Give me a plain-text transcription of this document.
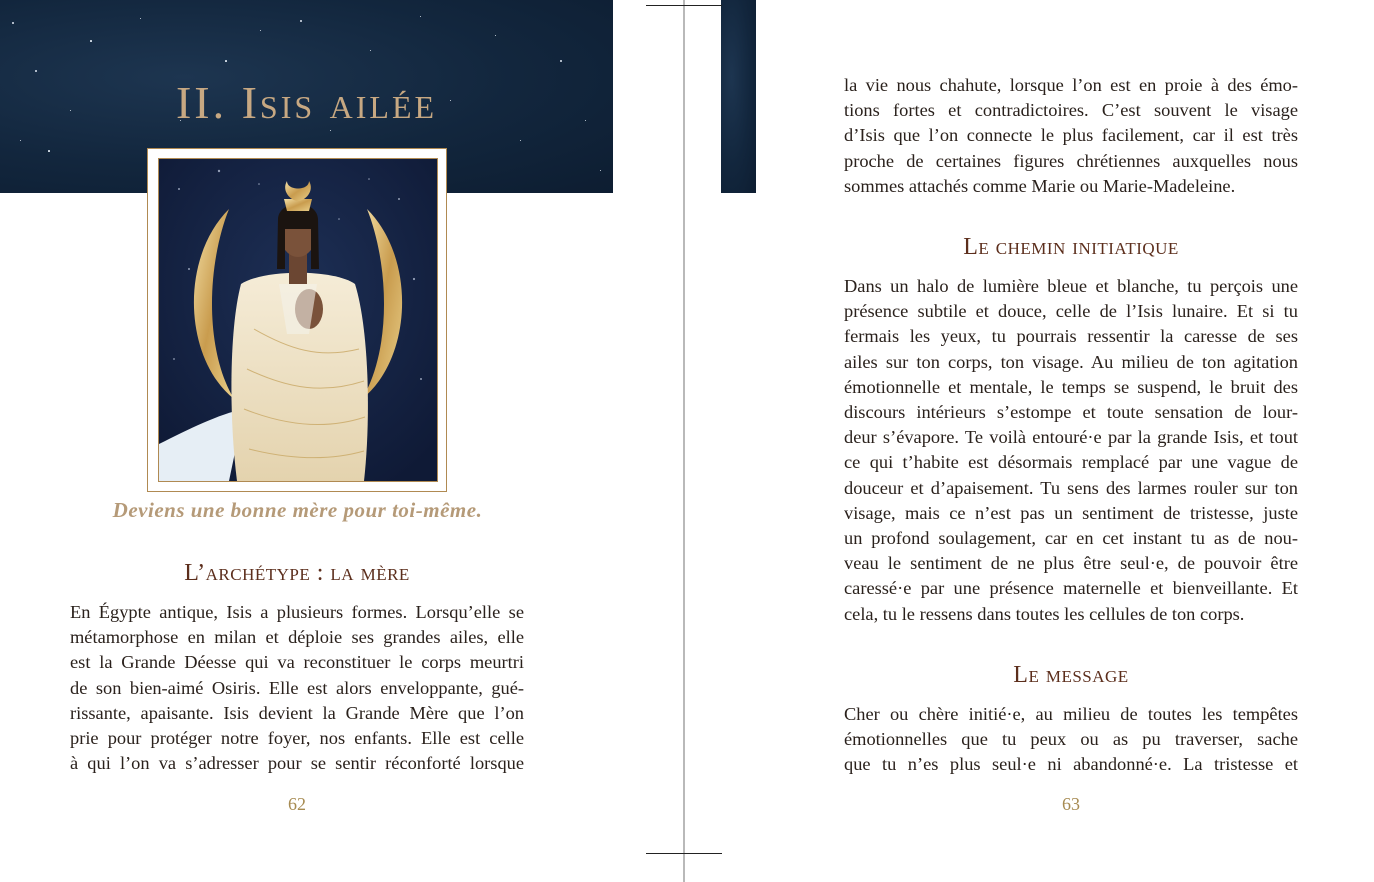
II. Isis ailée

Deviens une bonne mère pour toi-même.

L’archétype : la mère
En Égypte antique, Isis a plusieurs formes. Lorsqu’elle se
métamorphose en milan et déploie ses grandes ailes, elle
est la Grande Déesse qui va reconstituer le corps meurtri
de son bien-aimé Osiris. Elle est alors enveloppante, gué-
rissante, apaisante. Isis devient la Grande Mère que l’on
prie pour protéger notre foyer, nos enfants. Elle est celle
à qui l’on va s’adresser pour se sentir réconforté lorsque
62
la vie nous chahute, lorsque l’on est en proie à des émo-
tions fortes et contradictoires. C’est souvent le visage
d’Isis que l’on connecte le plus facilement, car il est très
proche de certaines figures chrétiennes auxquelles nous
sommes attachés comme Marie ou Marie-Madeleine.
Le chemin initiatique
Dans un halo de lumière bleue et blanche, tu perçois une
présence subtile et douce, celle de l’Isis lunaire. Et si tu
fermais les yeux, tu pourrais ressentir la caresse de ses
ailes sur ton corps, ton visage. Au milieu de ton agitation
émotionnelle et mentale, le temps se suspend, le bruit des
discours intérieurs s’estompe et toute sensation de lour-
deur s’évapore. Te voilà entouré·e par la grande Isis, et tout
ce qui t’habite est désormais remplacé par une vague de
douceur et d’apaisement. Tu sens des larmes rouler sur ton
visage, mais ce n’est pas un sentiment de tristesse, juste
un profond soulagement, car en cet instant tu as de nou-
veau le sentiment de ne plus être seul·e, de pouvoir être
caressé·e par une présence maternelle et bienveillante. Et
cela, tu le ressens dans toutes les cellules de ton corps.
Le message
Cher ou chère initié·e, au milieu de toutes les tempêtes
émotionnelles que tu peux ou as pu traverser, sache
que tu n’es plus seul·e ni abandonné·e. La tristesse et
63
